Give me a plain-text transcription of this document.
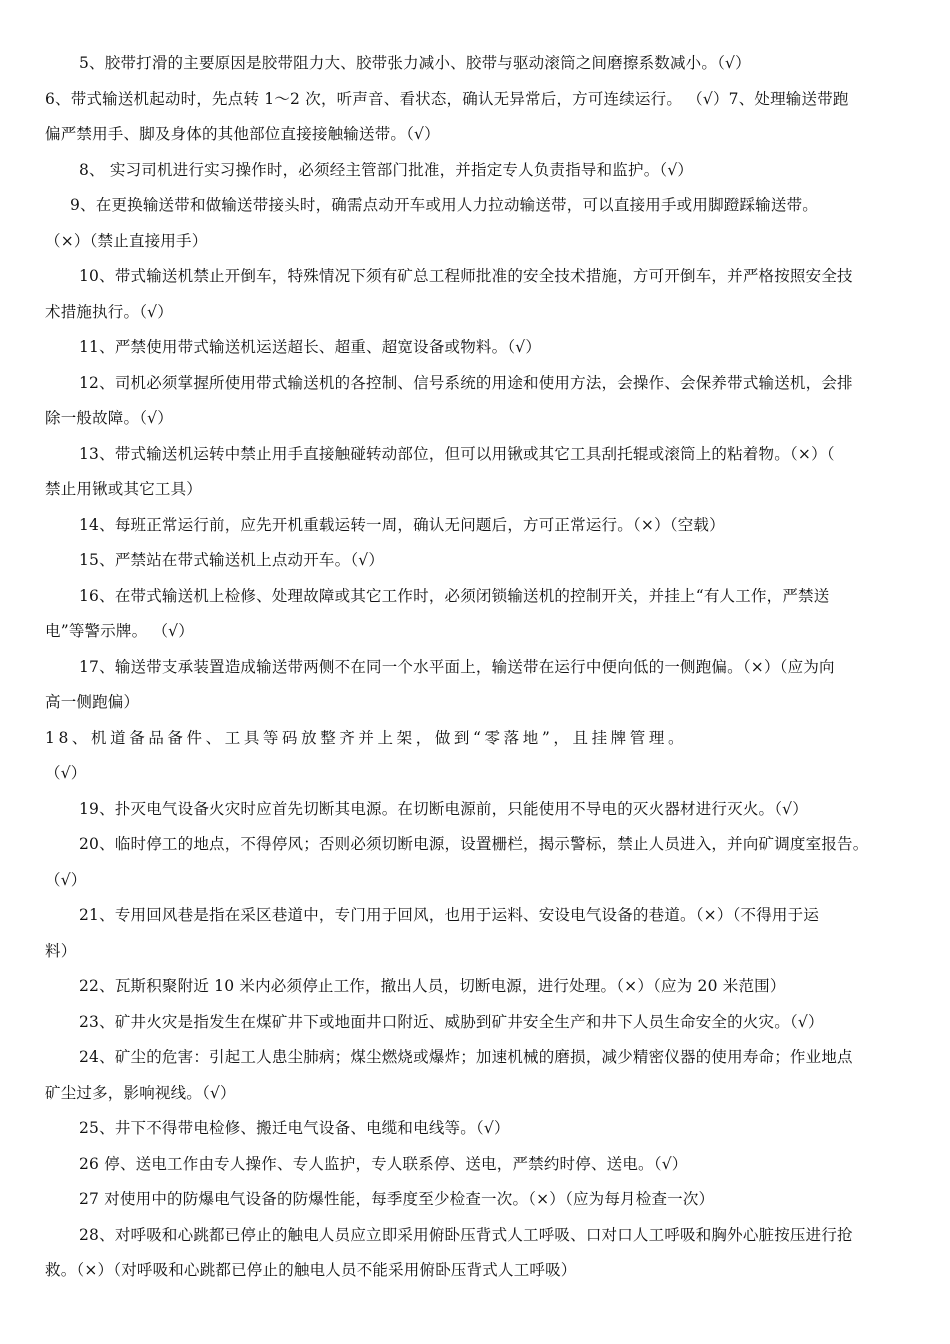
5、胶带打滑的主要原因是胶带阻力大、胶带张力减小、胶带与驱动滚筒之间磨擦系数减小。（√）
6、带式输送机起动时，先点转 1～2 次，听声音、看状态，确认无异常后，方可连续运行。 （√）7、处理输送带跑
偏严禁用手、脚及身体的其他部位直接接触输送带。（√）
8、 实习司机进行实习操作时，必须经主管部门批准，并指定专人负责指导和监护。（√）
9、在更换输送带和做输送带接头时，确需点动开车或用人力拉动输送带，可以直接用手或用脚蹬踩输送带。
（×）（禁止直接用手）
10、带式输送机禁止开倒车，特殊情况下须有矿总工程师批准的安全技术措施，方可开倒车，并严格按照安全技
术措施执行。（√）
11、严禁使用带式输送机运送超长、超重、超宽设备或物料。（√）
12、司机必须掌握所使用带式输送机的各控制、信号系统的用途和使用方法，会操作、会保养带式输送机，会排
除一般故障。（√）
13、带式输送机运转中禁止用手直接触碰转动部位，但可以用锹或其它工具刮托辊或滚筒上的粘着物。（×）（
禁止用锹或其它工具）
14、每班正常运行前，应先开机重载运转一周，确认无问题后，方可正常运行。（×）（空载）
15、严禁站在带式输送机上点动开车。（√）
16、在带式输送机上检修、处理故障或其它工作时，必须闭锁输送机的控制开关，并挂上“有人工作，严禁送
电”等警示牌。 （√）
17、输送带支承装置造成输送带两侧不在同一个水平面上，输送带在运行中便向低的一侧跑偏。（×）（应为向
高一侧跑偏）
18、机道备品备件、工具等码放整齐并上架，做到“零落地”，且挂牌管理。
（√）
19、扑灭电气设备火灾时应首先切断其电源。在切断电源前，只能使用不导电的灭火器材进行灭火。（√）
20、临时停工的地点，不得停风；否则必须切断电源，设置栅栏，揭示警标，禁止人员进入，并向矿调度室报告。
（√）
21、专用回风巷是指在采区巷道中，专门用于回风，也用于运料、安设电气设备的巷道。（×）（不得用于运
料）
22、瓦斯积聚附近 10 米内必须停止工作，撤出人员，切断电源，进行处理。（×）（应为 20 米范围）
23、矿井火灾是指发生在煤矿井下或地面井口附近、威胁到矿井安全生产和井下人员生命安全的火灾。（√）
24、矿尘的危害：引起工人患尘肺病；煤尘燃烧或爆炸；加速机械的磨损，减少精密仪器的使用寿命；作业地点
矿尘过多，影响视线。（√）
25、井下不得带电检修、搬迁电气设备、电缆和电线等。（√）
26 停、送电工作由专人操作、专人监护，专人联系停、送电，严禁约时停、送电。（√）
27 对使用中的防爆电气设备的防爆性能，每季度至少检查一次。（×）（应为每月检查一次）
28、对呼吸和心跳都已停止的触电人员应立即采用俯卧压背式人工呼吸、口对口人工呼吸和胸外心脏按压进行抢
救。（×）（对呼吸和心跳都已停止的触电人员不能采用俯卧压背式人工呼吸）
